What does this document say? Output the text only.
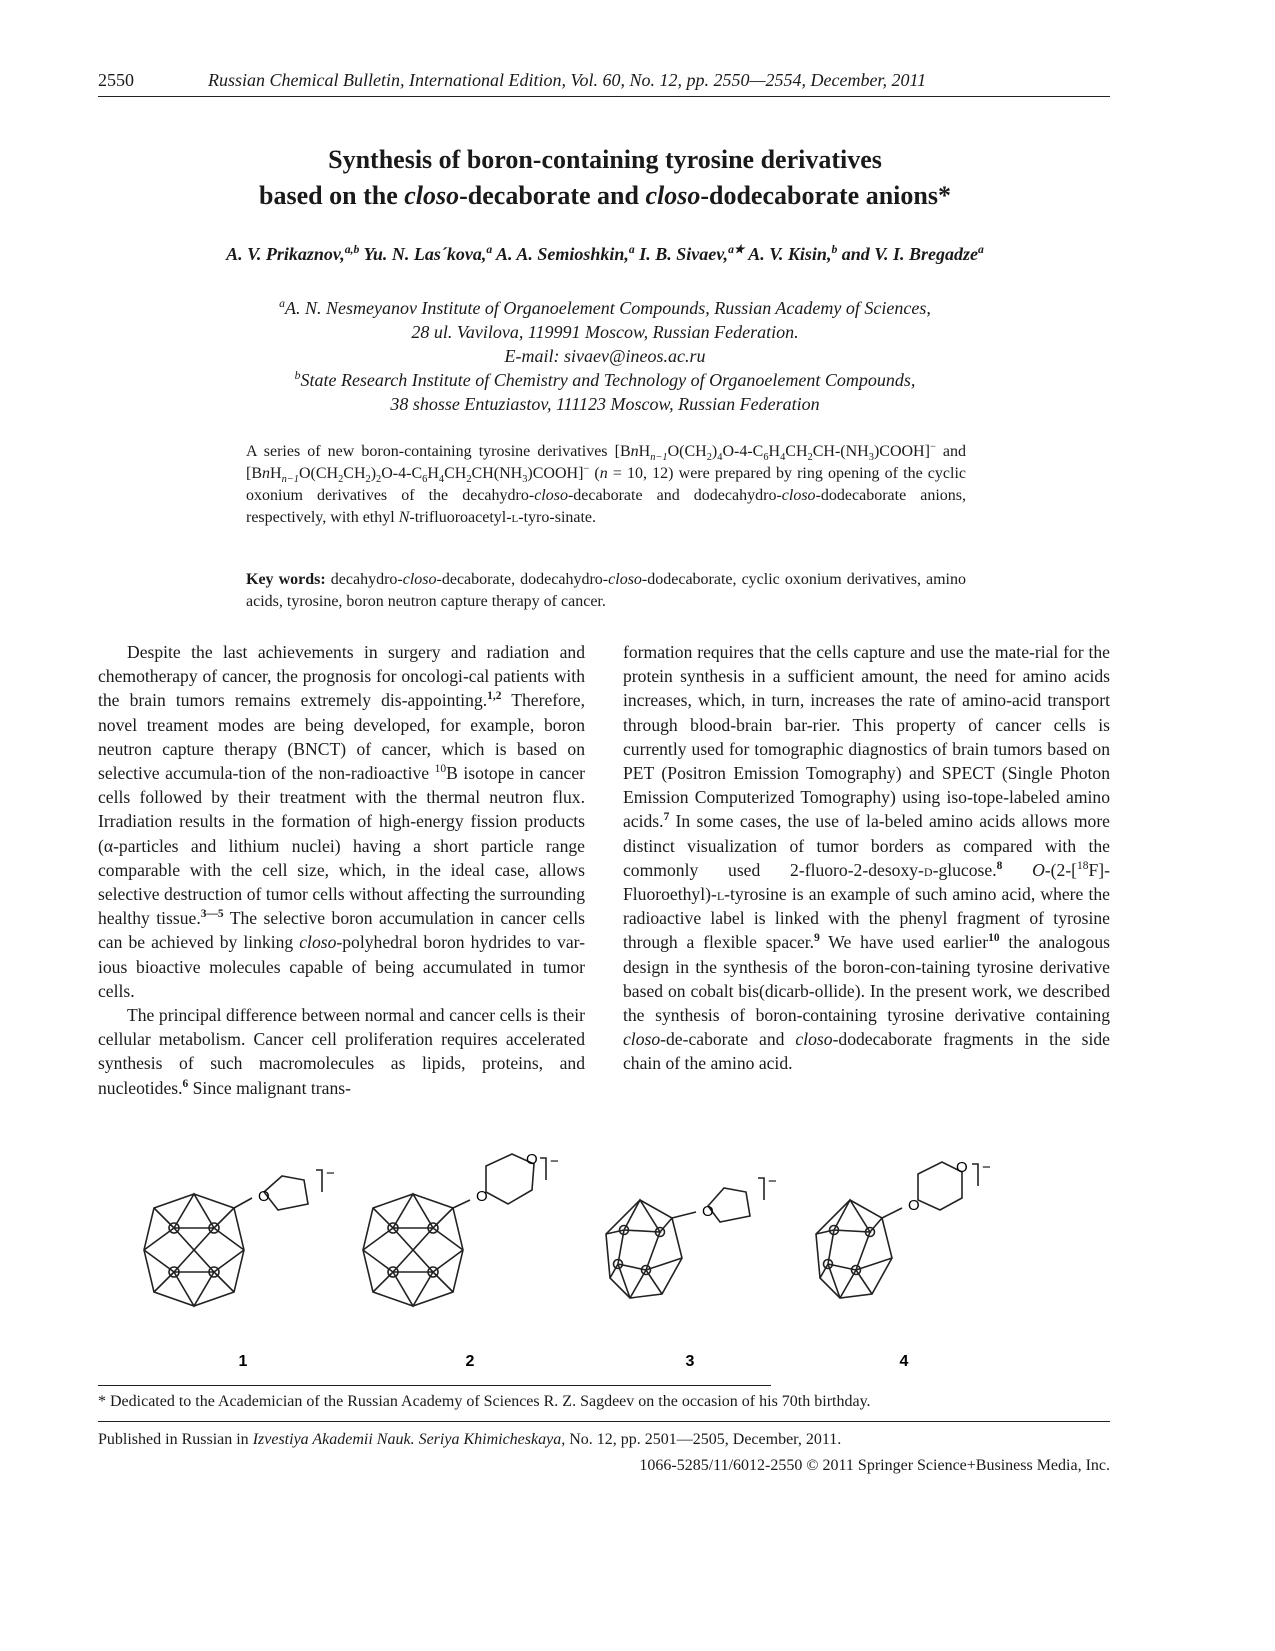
2550	Russian Chemical Bulletin, International Edition, Vol. 60, No. 12, pp. 2550—2554, December, 2011
Synthesis of boron-containing tyrosine derivatives
based on the closo-decaborate and closo-dodecaborate anions*
A. V. Prikaznov,$^{a,b}$ Yu. N. Las´kova,$^a$ A. A. Semioshkin,$^a$ I. B. Sivaev,$^{a★}$ A. V. Kisin,$^b$ and V. I. Bregadze$^a$
$^a$A. N. Nesmeyanov Institute of Organoelement Compounds, Russian Academy of Sciences,
28 ul. Vavilova, 119991 Moscow, Russian Federation.
E-mail: sivaev@ineos.ac.ru
$^b$State Research Institute of Chemistry and Technology of Organoelement Compounds,
38 shosse Entuziastov, 111123 Moscow, Russian Federation
A series of new boron-containing tyrosine derivatives $[BnH_{n-1}O(CH_2)_4O-4-C_6H_4CH_2CH-(NH_3)COOH]^-$ and $[BnH_{n-1}O(CH_2CH_2)_2O-4-C_6H_4CH_2CH(NH_3)COOH]^-$ (n = 10, 12) were prepared by ring opening of the cyclic oxonium derivatives of the decahydro-closo-decaborate and dodecahydro-closo-dodecaborate anions, respectively, with ethyl N-trifluoroacetyl-l-tyro-sinate.
Key words: decahydro-closo-decaborate, dodecahydro-closo-dodecaborate, cyclic oxonium derivatives, amino acids, tyrosine, boron neutron capture therapy of cancer.

Despite the last achievements in surgery and radiation and chemotherapy of cancer, the prognosis for oncologi-cal patients with the brain tumors remains extremely dis-appointing.$^{1,2}$ Therefore, novel treament modes are being developed, for example, boron neutron capture therapy (BNCT) of cancer, which is based on selective accumula-tion of the non-radioactive $^{10}$B isotope in cancer cells followed by their treatment with the thermal neutron flux. Irradiation results in the formation of high-energy fission products (α-particles and lithium nuclei) having a short particle range comparable with the cell size, which, in the ideal case, allows selective destruction of tumor cells without affecting the surrounding healthy tissue.$^{3—5}$ The selective boron accumulation in cancer cells can be achieved by linking closo-polyhedral boron hydrides to var-ious bioactive molecules capable of being accumulated in tumor cells.

The principal difference between normal and cancer cells is their cellular metabolism. Cancer cell proliferation requires accelerated synthesis of such macromolecules as lipids, proteins, and nucleotides.$^6$ Since malignant trans-

formation requires that the cells capture and use the mate-rial for the protein synthesis in a sufficient amount, the need for amino acids increases, which, in turn, increases the rate of amino-acid transport through blood-brain bar-rier. This property of cancer cells is currently used for tomographic diagnostics of brain tumors based on PET (Positron Emission Tomography) and SPECT (Single Photon Emission Computerized Tomography) using iso-tope-labeled amino acids.$^7$ In some cases, the use of la-beled amino acids allows more distinct visualization of tumor borders as compared with the commonly used 2-fluoro-2-desoxy-d-glucose.$^8$ O-(2-[$^{18}$F]-Fluoroethyl)-l-tyrosine is an example of such amino acid, where the radioactive label is linked with the phenyl fragment of tyrosine through a flexible spacer.$^9$ We have used earlier$^{10}$ the analogous design in the synthesis of the boron-con-taining tyrosine derivative based on cobalt bis(dicarb-ollide). In the present work, we described the synthesis of boron-containing tyrosine derivative containing closo-de-caborate and closo-dodecaborate fragments in the side chain of the amino acid.

O
−
O
O −
O
−
O
O −
1	2	3	4
* Dedicated to the Academician of the Russian Academy of Sciences R. Z. Sagdeev on the occasion of his 70th birthday.
Published in Russian in Izvestiya Akademii Nauk. Seriya Khimicheskaya, No. 12, pp. 2501—2505, December, 2011.
1066-5285/11/6012-2550 © 2011 Springer Science+Business Media, Inc.
